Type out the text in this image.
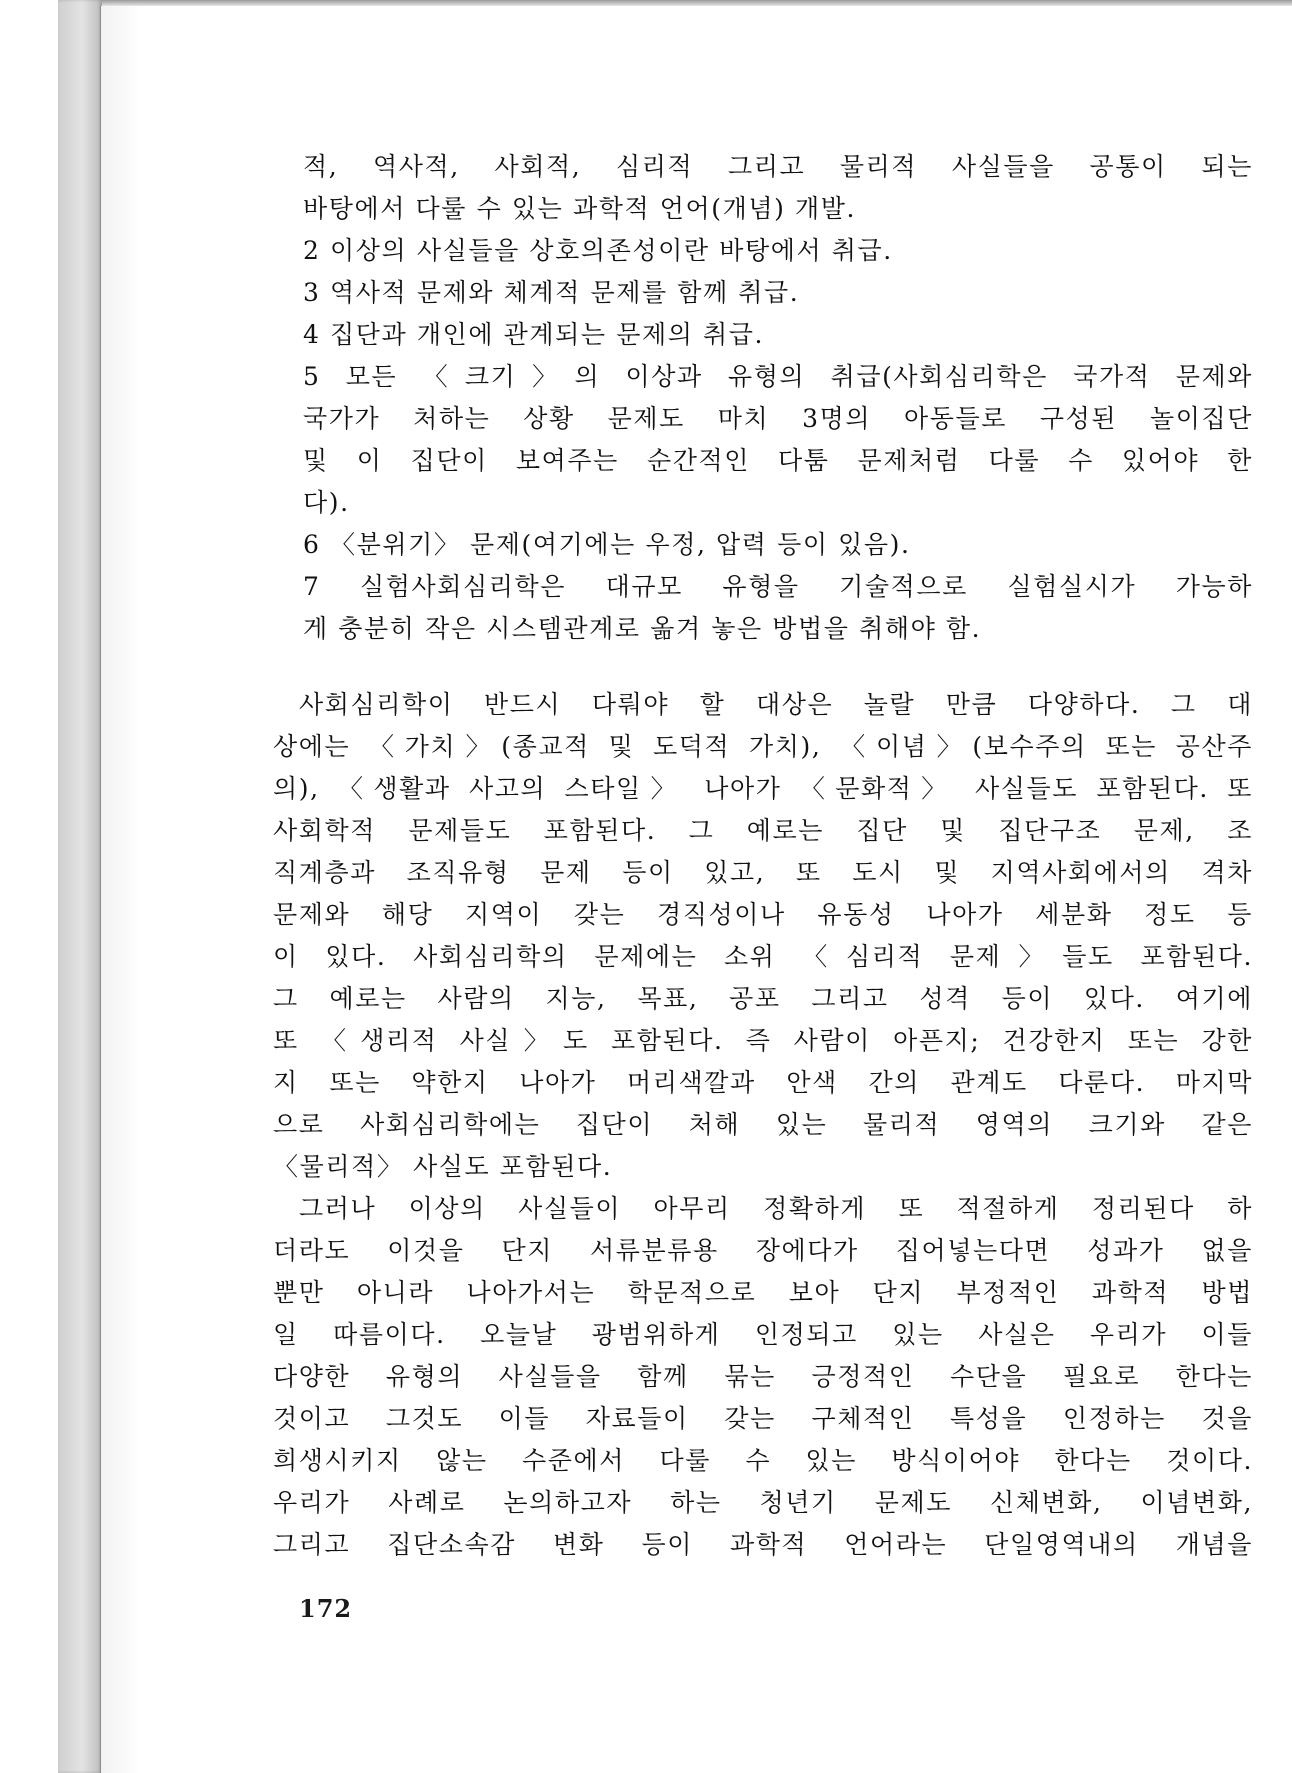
적, 역사적, 사회적, 심리적 그리고 물리적 사실들을 공통이 되는
바탕에서 다룰 수 있는 과학적 언어(개념) 개발.
2 이상의 사실들을 상호의존성이란 바탕에서 취급.
3 역사적 문제와 체계적 문제를 함께 취급.
4 집단과 개인에 관계되는 문제의 취급.
5 모든 〈크기〉의 이상과 유형의 취급(사회심리학은 국가적 문제와
국가가 처하는 상황 문제도 마치 3명의 아동들로 구성된 놀이집단
및 이 집단이 보여주는 순간적인 다툼 문제처럼 다룰 수 있어야 한
다).
6 〈분위기〉 문제(여기에는 우정, 압력 등이 있음).
7 실험사회심리학은 대규모 유형을 기술적으로 실험실시가 가능하
게 충분히 작은 시스템관계로 옮겨 놓은 방법을 취해야 함.
사회심리학이 반드시 다뤄야 할 대상은 놀랄 만큼 다양하다. 그 대
상에는 〈가치〉(종교적 및 도덕적 가치), 〈이념〉(보수주의 또는 공산주
의), 〈생활과 사고의 스타일〉 나아가 〈문화적〉 사실들도 포함된다. 또
사회학적 문제들도 포함된다. 그 예로는 집단 및 집단구조 문제, 조
직계층과 조직유형 문제 등이 있고, 또 도시 및 지역사회에서의 격차
문제와 해당 지역이 갖는 경직성이나 유동성 나아가 세분화 정도 등
이 있다. 사회심리학의 문제에는 소위 〈심리적 문제〉들도 포함된다.
그 예로는 사람의 지능, 목표, 공포 그리고 성격 등이 있다. 여기에
또 〈생리적 사실〉도 포함된다. 즉 사람이 아픈지; 건강한지 또는 강한
지 또는 약한지 나아가 머리색깔과 안색 간의 관계도 다룬다. 마지막
으로 사회심리학에는 집단이 처해 있는 물리적 영역의 크기와 같은
〈물리적〉 사실도 포함된다.
그러나 이상의 사실들이 아무리 정확하게 또 적절하게 정리된다 하
더라도 이것을 단지 서류분류용 장에다가 집어넣는다면 성과가 없을
뿐만 아니라 나아가서는 학문적으로 보아 단지 부정적인 과학적 방법
일 따름이다. 오늘날 광범위하게 인정되고 있는 사실은 우리가 이들
다양한 유형의 사실들을 함께 묶는 긍정적인 수단을 필요로 한다는
것이고 그것도 이들 자료들이 갖는 구체적인 특성을 인정하는 것을
희생시키지 않는 수준에서 다룰 수 있는 방식이어야 한다는 것이다.
우리가 사례로 논의하고자 하는 청년기 문제도 신체변화, 이념변화,
그리고 집단소속감 변화 등이 과학적 언어라는 단일영역내의 개념을
172
